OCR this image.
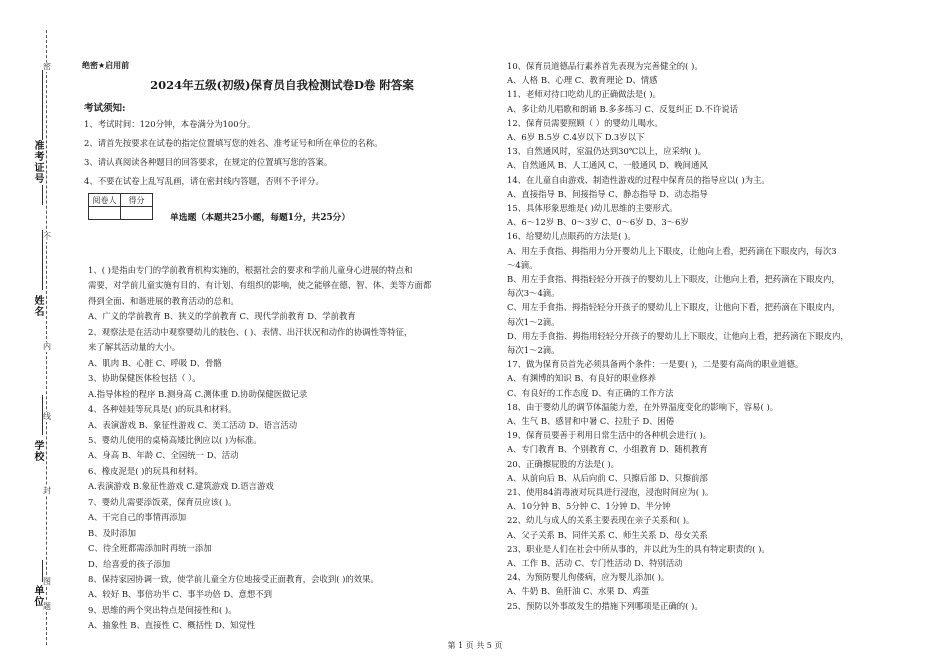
准考证号
姓名
学校
单位
密
不
内
线
封
图
题
绝密★启用前
2024年五级(初级)保育员自我检测试卷D卷 附答案
考试须知:
1、考试时间：120分钟，本卷满分为100分。
2、请首先按要求在试卷的指定位置填写您的姓名、准考证号和所在单位的名称。
3、请认真阅读各种题目的回答要求，在规定的位置填写您的答案。
4、不要在试卷上乱写乱画，请在密封线内答题，否则不予评分。
阅卷人	得分

单选题（本题共25小题，每题1分，共25分）
1、( )是指由专门的学前教育机构实施的，根据社会的要求和学前儿童身心进展的特点和
需要，对学前儿童实施有目的、有计划、有组织的影响，使之能够在德、智、体、美等方面都
得到全面、和谐进展的教育活动的总和。
A、广义的学前教育 B、狭义的学前教育 C、现代学前教育 D、学前教育
2、观察法是在活动中观察婴幼儿的肢色、( )、表情、出汗状况和动作的协调性等特征，
来了解其活动量的大小。
A、肌肉 B、心脏 C、呼吸 D、骨骼
3、协助保健医体检包括（ ）。
A.指导体检的程序 B.测身高 C.测体重 D.协助保健医做记录
4、各种娃娃等玩具是( )的玩具和材料。
A、表演游戏 B、象征性游戏 C、美工活动 D、语言活动
5、婴幼儿使用的桌椅高矮比例应以( )为标准。
A、身高 B、年龄 C、全园统一 D、活动
6、橡皮泥是( )的玩具和材料。
A.表演游戏 B.象征性游戏 C.建筑游戏 D.语言游戏
7、婴幼儿需要添饭菜，保育员应该( )。
A、干完自己的事情再添加
B、及时添加
C、待全班都需添加时再统一添加
D、给喜爱的孩子添加
8、保持家园协调一致，使学前儿童全方位地接受正面教育，会收到( )的效果。
A、较好 B、事倍功半 C、事半功倍 D、意想不到
9、思维的两个突出特点是间接性和( )。
A、抽象性 B、直接性 C、概括性 D、知觉性
10、保育员道德品行素养首先表现为完善健全的( )。
A、人格 B、心理 C、教育理论 D、情感
11、老师对待口吃幼儿的正确做法是( )。
A、多让幼儿唱歌和朗诵 B.多多练习 C、反复纠正 D.不许说话
12、保育员需要照顾（ ）的婴幼儿喝水。
A、6岁 B.5岁 C.4岁以下 D.3岁以下
13、自然通风时，室温仍达到30℃以上，应采纳( )。
A、自然通风 B、人工通风 C、一般通风 D、晚间通风
14、在儿童自由游戏、制造性游戏的过程中保育员的指导应以( )为主。
A、直接指导 B、间接指导 C、静态指导 D、动态指导
15、具体形象思维是( )幼儿思维的主要形式。
A、6～12岁 B、0～3岁 C、0～6岁 D、3～6岁
16、给婴幼儿点眼药的方法是( )。
A、用左手食指、拇指用力分开婴幼儿上下眼皮，让他向上看，把药滴在下眼皮内，每次3
～4滴。
B、用左手食指、拇指轻轻分开孩子的婴幼儿上下眼皮，让他向上看，把药滴在下眼皮内，
每次3～4滴。
C、用左手食指、拇指轻轻分开孩子的婴幼儿上下眼皮，让他向下看，把药滴在下眼皮内，
每次1～2滴。
D、用左手食指、拇指用轻轻分开孩子的婴幼儿上下眼皮，让他向上看，把药滴在下眼皮内，
每次1～2滴。
17、做为保育员首先必须具备两个条件：一是要( )，二是要有高尚的职业道德。
A、有渊博的知识 B、有良好的职业修养
C、有良好的工作态度 D、有正确的工作方法
18、由于婴幼儿的调节体温能力差，在外界温度变化的影响下，容易( )。
A、生气 B、感冒和中暑 C、拉肚子 D、困倦
19、保育员要善于利用日常生活中的各种机会进行( )。
A、专门教育 B、个别教育 C、小组教育 D、随机教育
20、正确擦屁股的方法是( )。
A、从前向后 B、从后向前 C、只擦后部 D、只擦前部
21、使用84消毒液对玩具进行浸泡，浸泡时间应为( )。
A、10分钟 B、5分钟 C、1分钟 D、半分钟
22、幼儿与成人的关系主要表现在亲子关系和( )。
A、父子关系 B、同伴关系 C、师生关系 D、母女关系
23、职业是人们在社会中所从事的，并以此为生的具有特定职责的( )。
A、工作 B、活动 C、专门性活动 D、特别活动
24、为预防婴儿佝偻病，应为婴儿添加( )。
A、牛奶 B、鱼肝油 C、水果 D、鸡蛋
25、预防以外事故发生的措施下列哪项是正确的( )。
第 1 页 共 5 页
